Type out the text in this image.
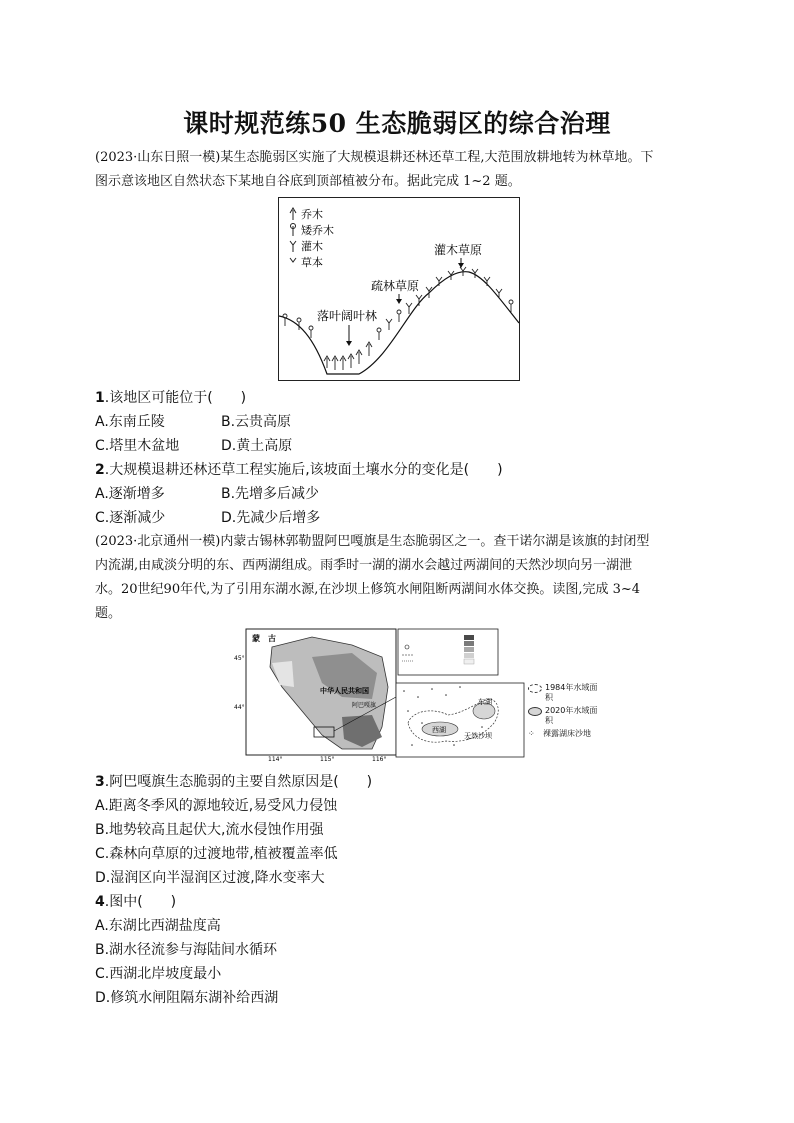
课时规范练50 生态脆弱区的综合治理
(2023·山东日照一模)某生态脆弱区实施了大规模退耕还林还草工程,大范围放耕地转为林草地。下
图示意该地区自然状态下某地自谷底到顶部植被分布。据此完成 1~2 题。
乔木
矮乔木
灌木
草本
灌木草原
疏林草原
落叶阔叶林
1.该地区可能位于(　　)
A.东南丘陵	B.云贵高原
C.塔里木盆地	D.黄土高原
2.大规模退耕还林还草工程实施后,该坡面土壤水分的变化是(　　)
A.逐渐增多	B.先增多后减少
C.逐渐减少	D.先减少后增多
(2023·北京通州一模)内蒙古锡林郭勒盟阿巴嘎旗是生态脆弱区之一。查干诺尔湖是该旗的封闭型
内流湖,由咸淡分明的东、西两湖组成。雨季时一湖的湖水会越过两湖间的天然沙坝向另一湖泄
水。20世纪90年代,为了引用东湖水源,在沙坝上修筑水闸阻断两湖间水体交换。读图,完成 3~4
题。
蒙　古
中华人民共和国
阿巴嘎旗
45°
44°
114°	115°	116°
西湖
东湖
天然沙坝
1984年水域面积
2020年水域面积
⁘	裸露湖床沙地
3.阿巴嘎旗生态脆弱的主要自然原因是(　　)
A.距离冬季风的源地较近,易受风力侵蚀
B.地势较高且起伏大,流水侵蚀作用强
C.森林向草原的过渡地带,植被覆盖率低
D.湿润区向半湿润区过渡,降水变率大
4.图中(　　)
A.东湖比西湖盐度高
B.湖水径流参与海陆间水循环
C.西湖北岸坡度最小
D.修筑水闸阻隔东湖补给西湖
